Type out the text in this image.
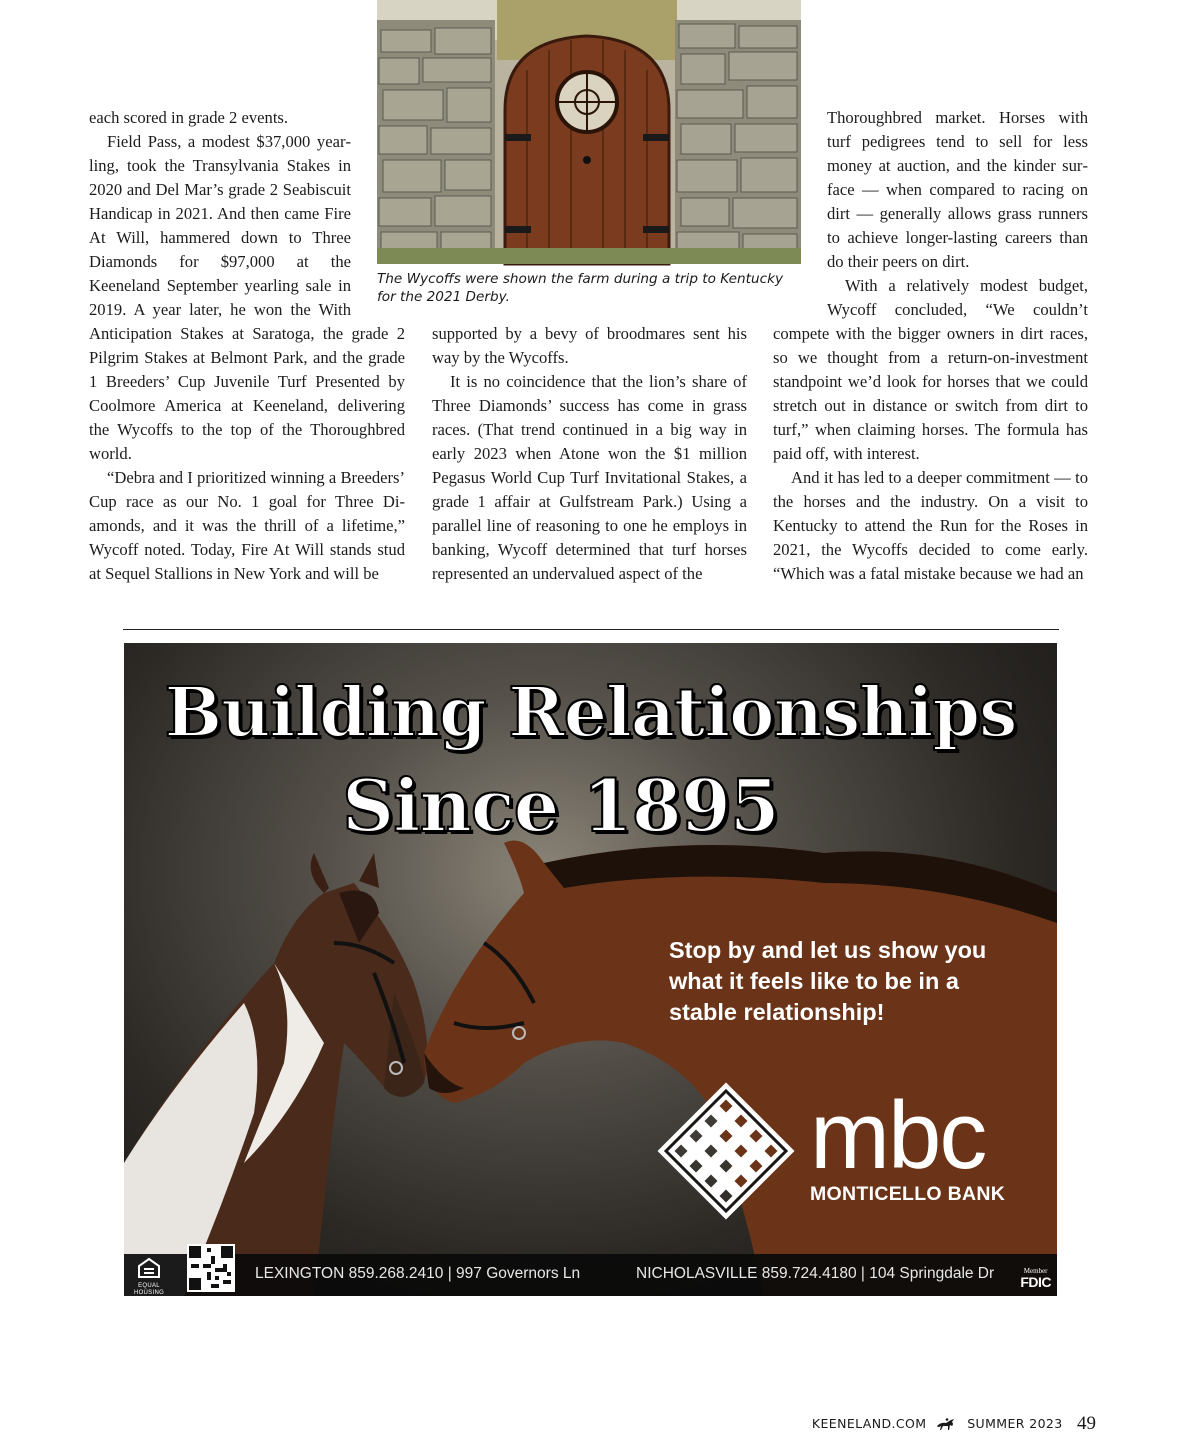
each scored in grade 2 events.

Field Pass, a modest $37,000 yearling, took the Transylvania Stakes in 2020 and Del Mar’s grade 2 Seabiscuit Handicap in 2021. And then came Fire At Will, hammered down to Three Diamonds for $97,000 at the Keeneland September yearling sale in 2019. A year later, he won the With Anticipation Stakes at Saratoga, the grade 2 Pilgrim Stakes at Belmont Park, and the grade 1 Breeders’ Cup Juvenile Turf Presented by Coolmore America at Keeneland, delivering the Wycoffs to the top of the Thoroughbred world.

“Debra and I prioritized winning a Breeders’ Cup race as our No. 1 goal for Three Diamonds, and it was the thrill of a lifetime,” Wycoff noted. Today, Fire At Will stands stud at Sequel Stallions in New York and will be

supported by a bevy of broodmares sent his way by the Wycoffs.

It is no coincidence that the lion’s share of Three Diamonds’ success has come in grass races. (That trend continued in a big way in early 2023 when Atone won the $1 million Pegasus World Cup Turf Invitational Stakes, a grade 1 affair at Gulfstream Park.) Using a parallel line of reasoning to one he employs in banking, Wycoff determined that turf horses represented an undervalued aspect of the

Thoroughbred market. Horses with turf pedigrees tend to sell for less money at auction, and the kinder surface — when compared to racing on dirt — generally allows grass runners to achieve longer-lasting careers than do their peers on dirt.

With a relatively modest budget, Wycoff concluded, “We couldn’t compete with the bigger owners in dirt races, so we thought from a return-on-investment standpoint we’d look for horses that we could stretch out in distance or switch from dirt to turf,” when claiming horses. The formula has paid off, with interest.

And it has led to a deeper commitment — to the horses and the industry. On a visit to Kentucky to attend the Run for the Roses in 2021, the Wycoffs decided to come early. “Which was a fatal mistake because we had an

The Wycoffs were shown the farm during a trip to Kentucky for the 2021 Derby.
Building Relationships
Since 1895
Stop by and let us show you what it feels like to be in a stable relationship!
mbc
MONTICELLO BANK
EQUAL HOUSING LENDER
LEXINGTON 859.268.2410 | 997 Governors Ln	NICHOLASVILLE 859.724.4180 | 104 Springdale Dr	Member
FDIC
KEENELAND.COM	SUMMER 2023 49
